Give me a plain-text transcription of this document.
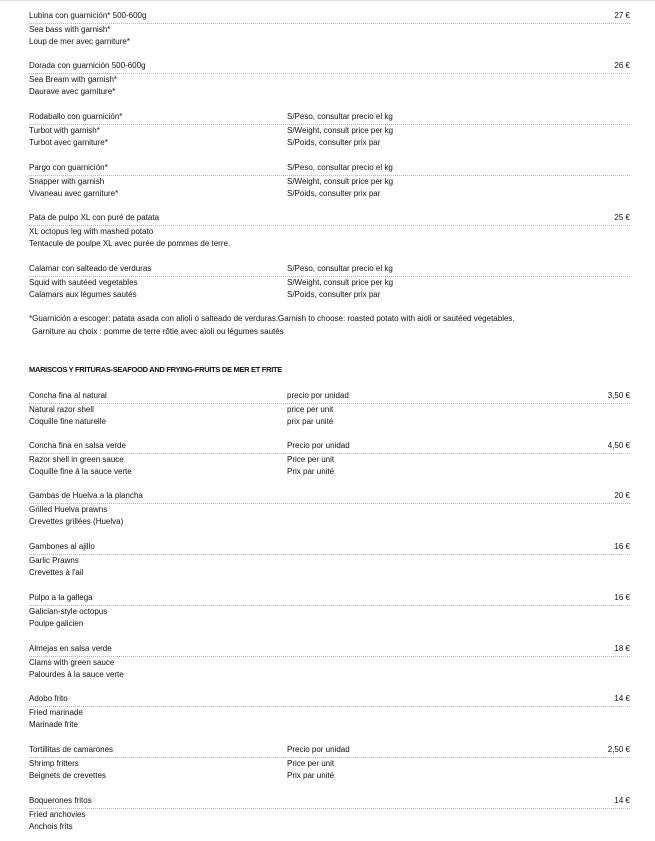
Lubina con guarnición* 500-600g	27 €
Sea bass with garnish*
Loup de mer avec garniture*
Dorada con guarnición 500-600g	26 €
Sea Bream with garnish*
Daurave avec garniture*
Rodaballo con guarnición*	S/Peso, consultar precio el kg
Turbot with garnish*	S/Weight, consult price per kg
Turbot avec garniture*	S/Poids, consulter prix par
Pargo con guarnición*	S/Peso, consultar precio el kg
Snapper with garnish	S/Weight, consult price per kg
Vivaneau avec garniture*	S/Poids, consulter prix par
Pata de pulpo XL con puré de patata	25 €
XL octopus leg with mashed potato
Tentacule de poulpe XL avec purée de pommes de terre.
Calamar con salteado de verduras	S/Peso, consultar precio el kg
Squid with sautéed vegetables	S/Weight, consult price per kg
Calamars aux légumes sautés	S/Poids, consulter prix par
*Guarnición a escoger: patata asada con alioli o salteado de verduras.Garnish to choose: roasted potato with aioli or sautéed vegetables.
Garniture au choix : pomme de terre rôtie avec aïoli ou légumes sautés
MARISCOS Y FRITURAS-SEAFOOD AND FRYING-FRUITS DE MER ET FRITE
Concha fina al natural	precio por unidad	3,50 €
Natural razor shell	price per unit
Coquille fine naturelle	prix par unité
Concha fina en salsa verde	Precio por unidad	4,50 €
Razor shell in green sauce	Price per unit
Coquille fine à la sauce verte	Prix par unité
Gambas de Huelva a la plancha	20 €
Grilled Huelva prawns
Crevettes grillées (Huelva)
Gambones al ajillo	16 €
Garlic Prawns
Crevettes à l'ail
Pulpo a la gallega	16 €
Galician-style octopus
Poulpe galicien
Almejas en salsa verde	18 €
Clams with green sauce
Palourdes à la sauce verte
Adobo frito	14 €
Fried marinade
Marinade frite
Tortillitas de camarones	Precio por unidad	2,50 €
Shrimp fritters	Price per unit
Beignets de crevettes	Prix par unité
Boquerones fritos	14 €
Fried anchovies
Anchois frits
